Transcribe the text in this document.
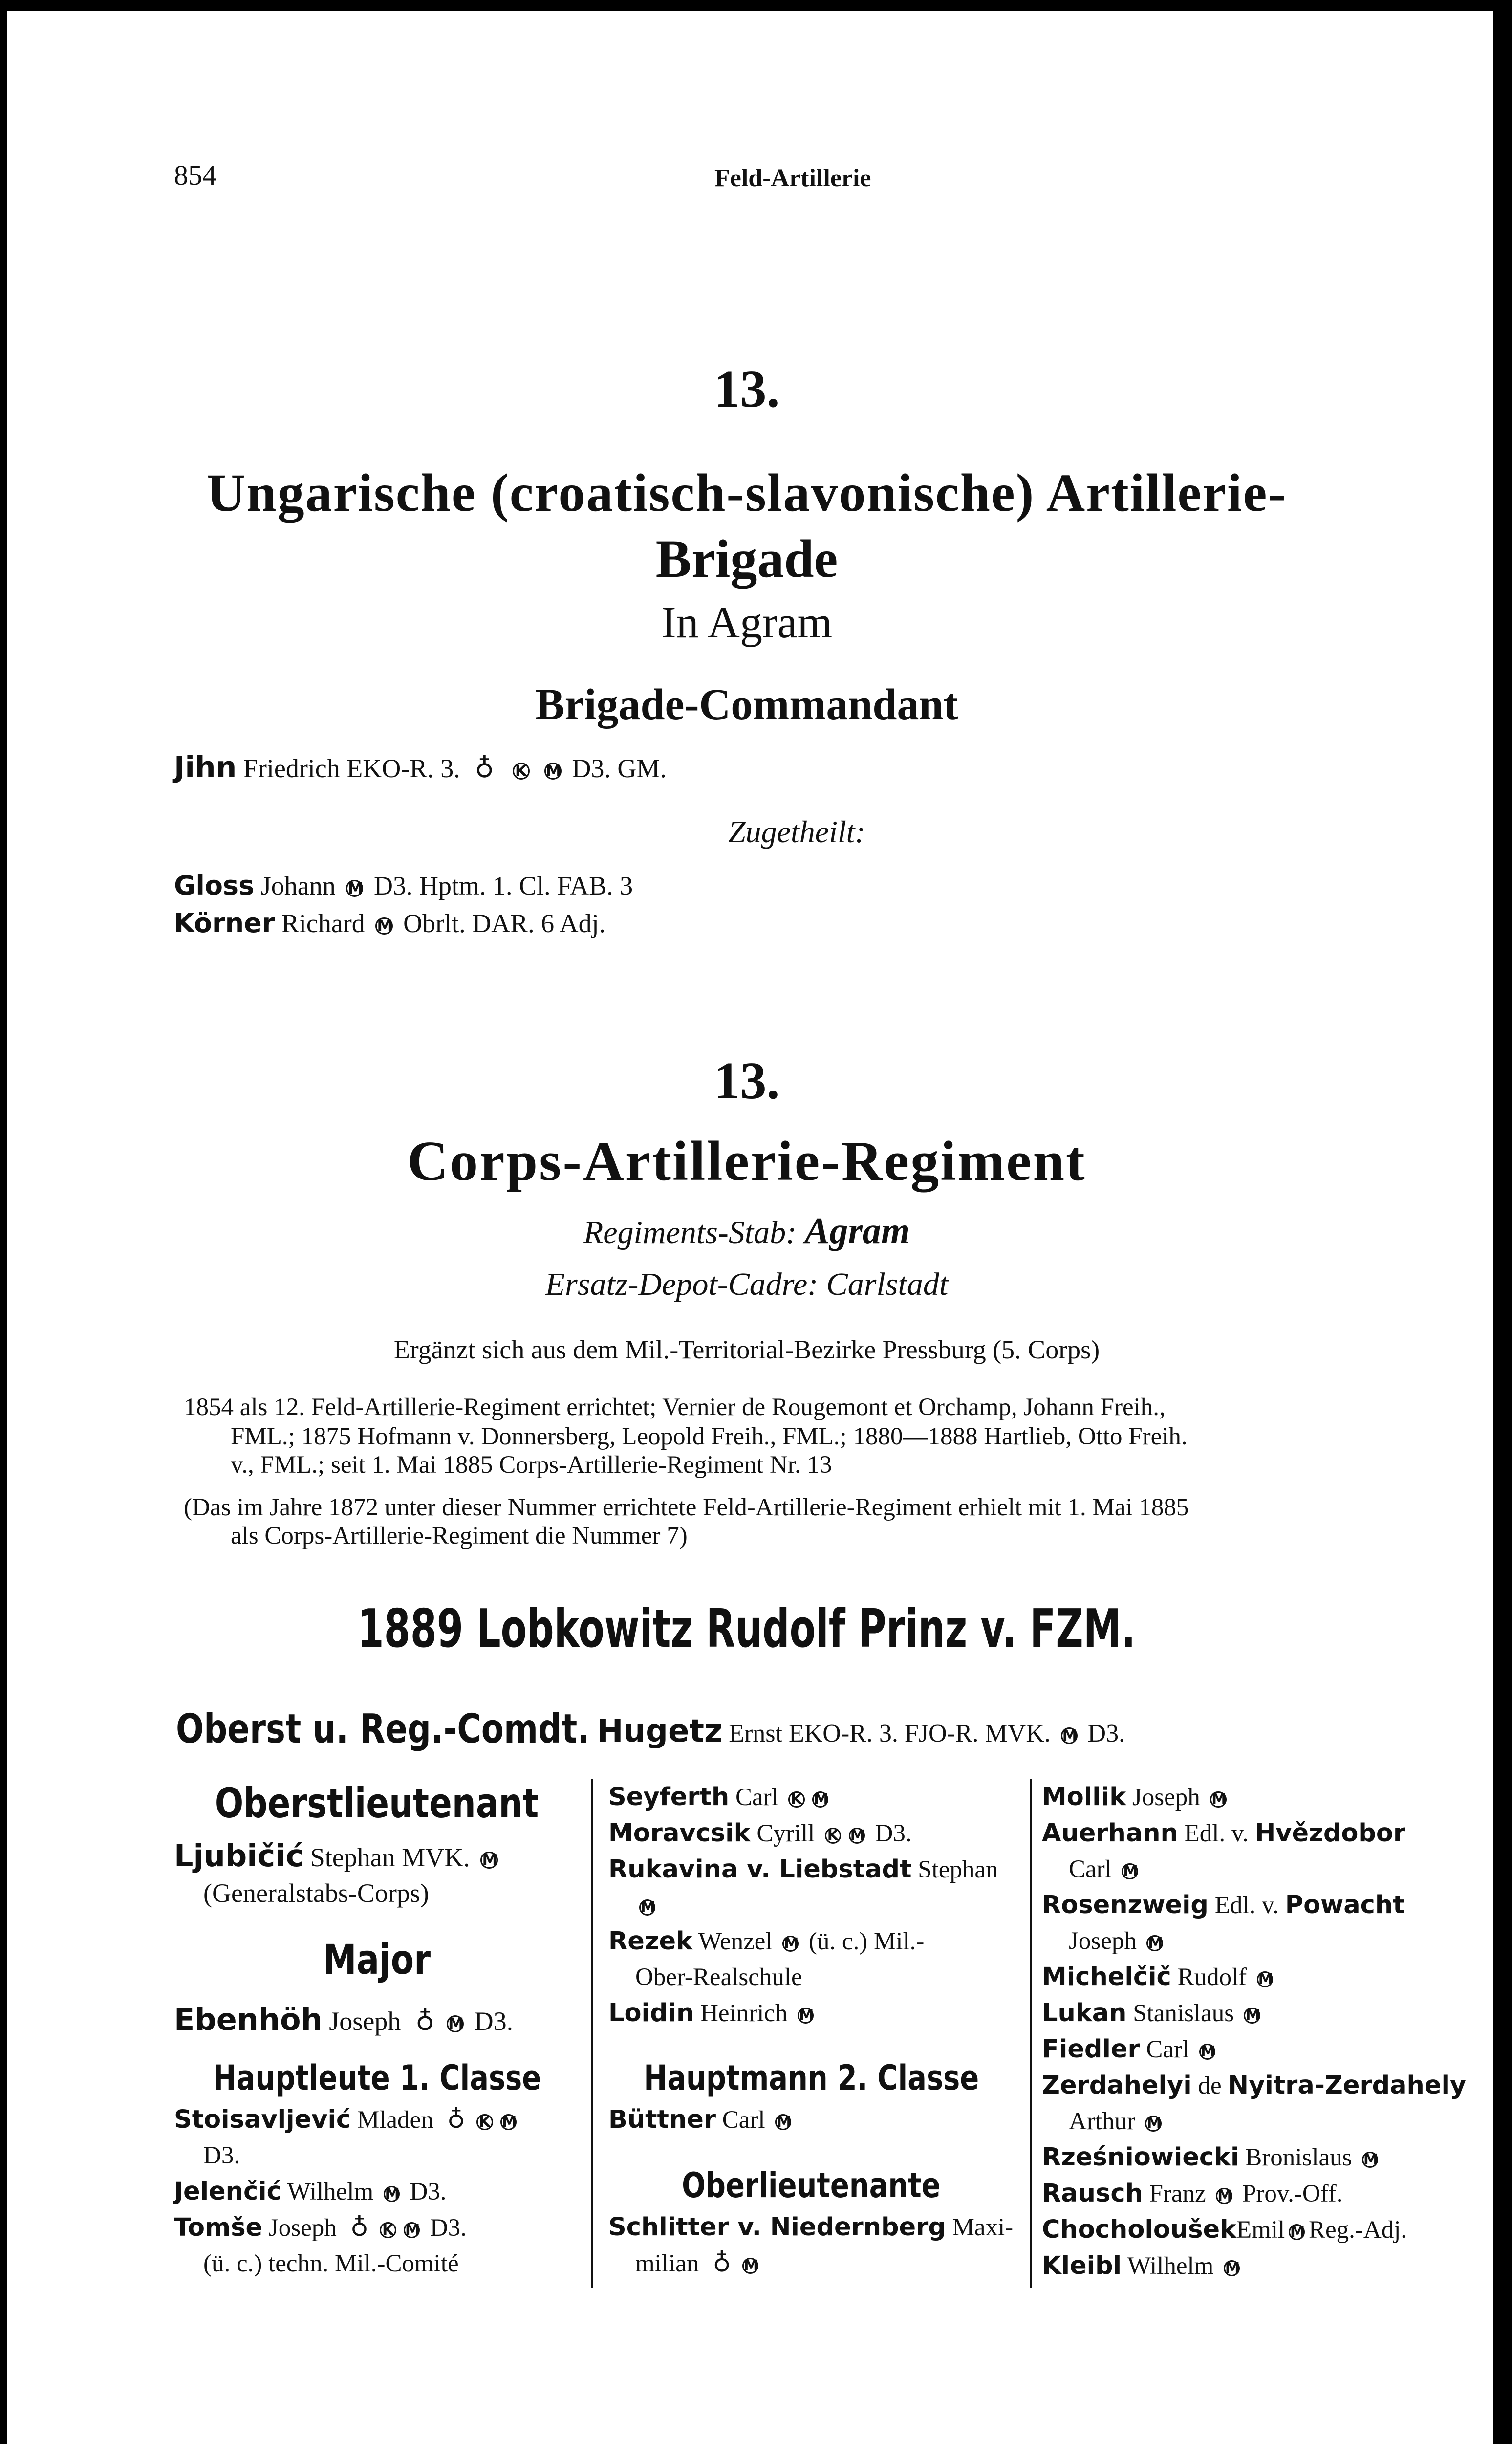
854	Feld-Artillerie
13.
Ungarische (croatisch-slavonische) Artillerie-
Brigade
In Agram
Brigade-Commandant
Jihn Friedrich EKO-R. 3. ♁ K M D3. GM.
Zugetheilt:
Gloss Johann M D3. Hptm. 1. Cl. FAB. 3
Körner Richard M Obrlt. DAR. 6 Adj.
13.
Corps-Artillerie-Regiment
Regiments-Stab: Agram
Ersatz-Depot-Cadre: Carlstadt
Ergänzt sich aus dem Mil.-Territorial-Bezirke Pressburg (5. Corps)
1854 als 12. Feld-Artillerie-Regiment errichtet; Vernier de Rougemont et Orchamp, Johann Freih.,
FML.; 1875 Hofmann v. Donnersberg, Leopold Freih., FML.; 1880—1888 Hartlieb, Otto Freih.
v., FML.; seit 1. Mai 1885 Corps-Artillerie-Regiment Nr. 13
(Das im Jahre 1872 unter dieser Nummer errichtete Feld-Artillerie-Regiment erhielt mit 1. Mai 1885
als Corps-Artillerie-Regiment die Nummer 7)
1889 Lobkowitz Rudolf Prinz v. FZM.
Oberst u. Reg.-Comdt. Hugetz Ernst EKO-R. 3. FJO-R. MVK. M D3.
Oberstlieutenant
Ljubičić Stephan MVK. M
(Generalstabs-Corps)
Major
Ebenhöh Joseph ♁ M D3.
Hauptleute 1. Classe
Stoisavljević Mladen ♁ K M
D3.
Jelenčić Wilhelm M D3.
Tomše Joseph ♁ K M D3.
(ü. c.) techn. Mil.-Comité
Seyferth Carl K M
Moravcsik Cyrill K M D3.
Rukavina v. Liebstadt Stephan
M
Rezek Wenzel M (ü. c.) Mil.-
Ober-Realschule
Loidin Heinrich M
Hauptmann 2. Classe
Büttner Carl M
Oberlieutenante
Schlitter v. Niedernberg Maxi-
milian ♁ M
Mollik Joseph M
Auerhann Edl. v. Hvězdobor
Carl M
Rosenzweig Edl. v. Powacht
Joseph M
Michelčič Rudolf M
Lukan Stanislaus M
Fiedler Carl M
Zerdahelyi de Nyitra-Zerdahely
Arthur M
Rześniowiecki Bronislaus M
Rausch Franz M Prov.-Off.
ChocholoušekEmil M Reg.-Adj.
Kleibl Wilhelm M
